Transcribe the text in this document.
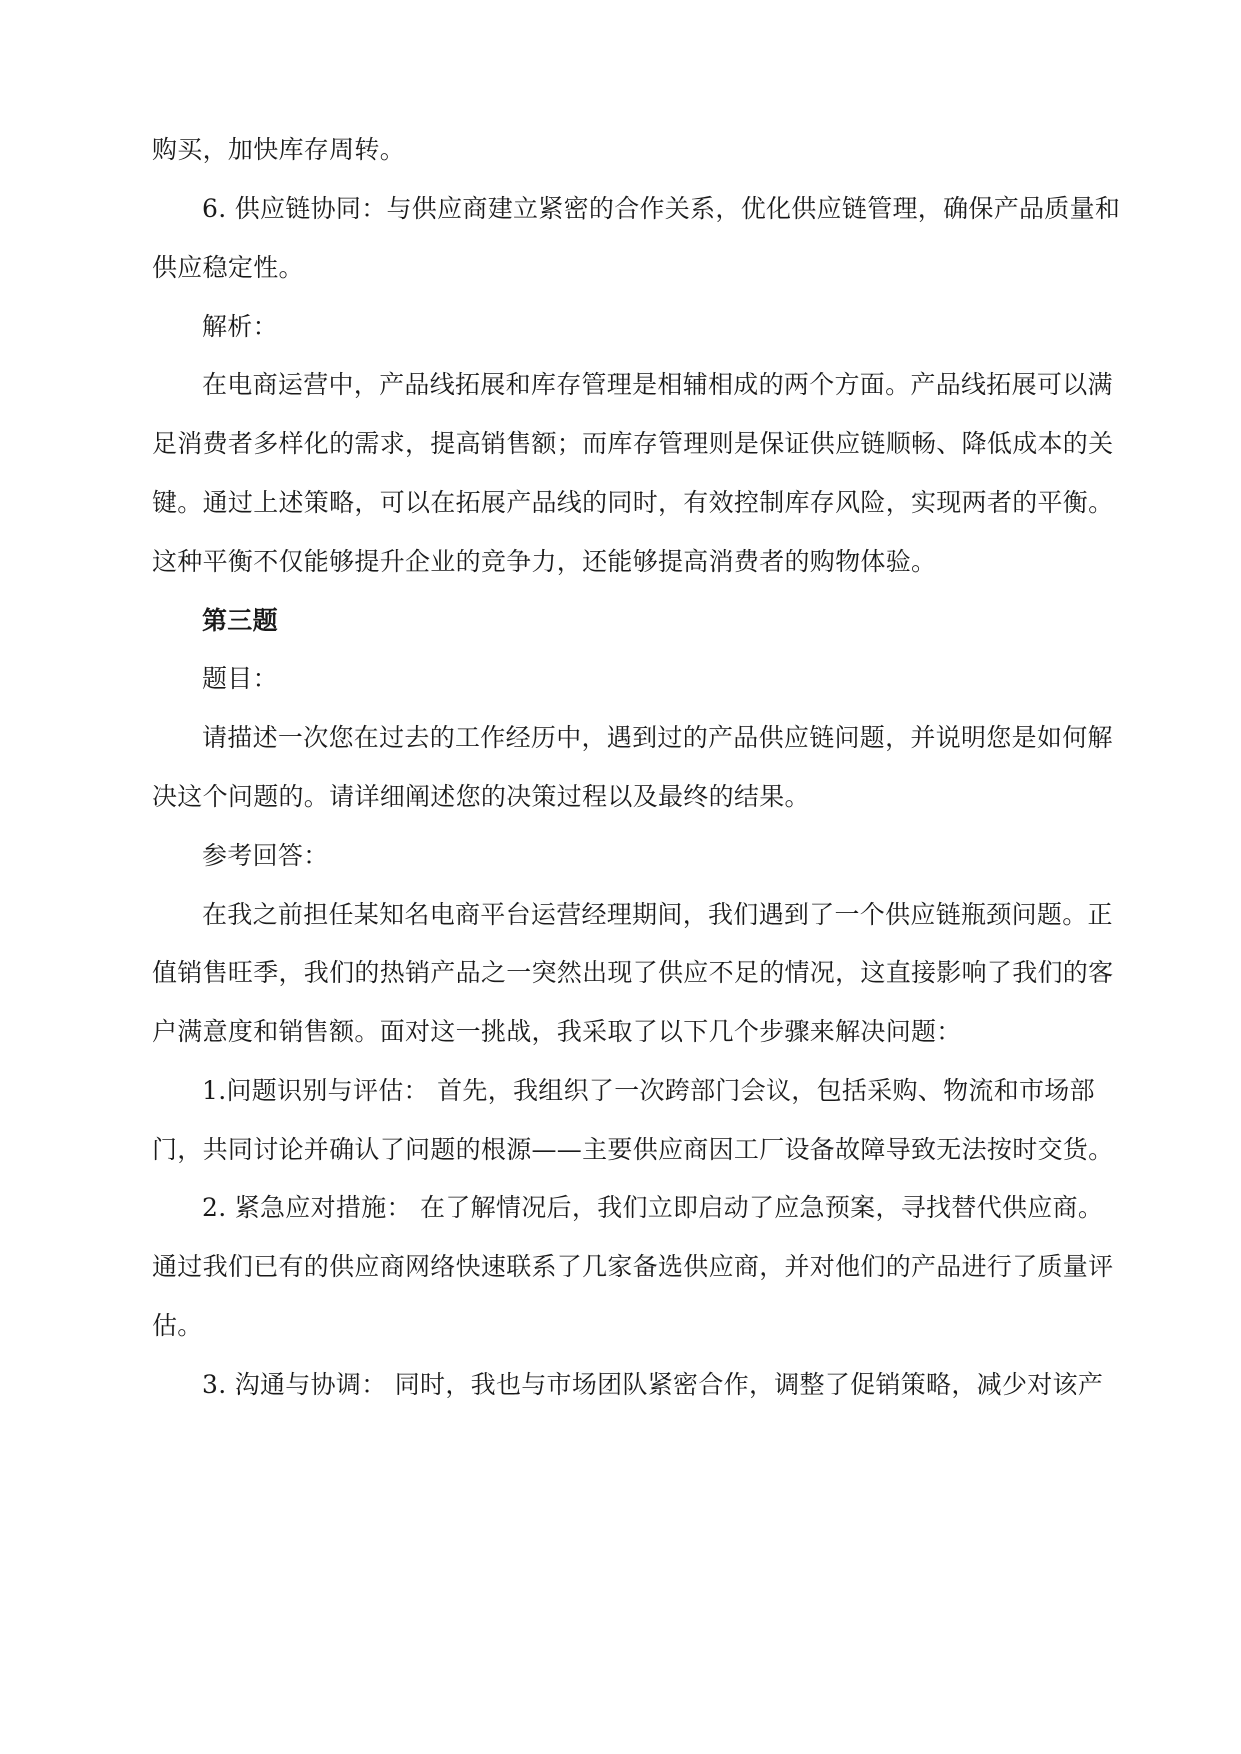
购买，加快库存周转。
6. 供应链协同：与供应商建立紧密的合作关系，优化供应链管理，确保产品质量和
供应稳定性。
解析：
在电商运营中，产品线拓展和库存管理是相辅相成的两个方面。产品线拓展可以满
足消费者多样化的需求，提高销售额；而库存管理则是保证供应链顺畅、降低成本的关
键。通过上述策略，可以在拓展产品线的同时，有效控制库存风险，实现两者的平衡。
这种平衡不仅能够提升企业的竞争力，还能够提高消费者的购物体验。
第三题
题目：
请描述一次您在过去的工作经历中，遇到过的产品供应链问题，并说明您是如何解
决这个问题的。请详细阐述您的决策过程以及最终的结果。
参考回答：
在我之前担任某知名电商平台运营经理期间，我们遇到了一个供应链瓶颈问题。正
值销售旺季，我们的热销产品之一突然出现了供应不足的情况，这直接影响了我们的客
户满意度和销售额。面对这一挑战，我采取了以下几个步骤来解决问题：
1.问题识别与评估： 首先，我组织了一次跨部门会议，包括采购、物流和市场部
门，共同讨论并确认了问题的根源——主要供应商因工厂设备故障导致无法按时交货。
2. 紧急应对措施： 在了解情况后，我们立即启动了应急预案，寻找替代供应商。
通过我们已有的供应商网络快速联系了几家备选供应商，并对他们的产品进行了质量评
估。
3. 沟通与协调： 同时，我也与市场团队紧密合作，调整了促销策略，减少对该产
